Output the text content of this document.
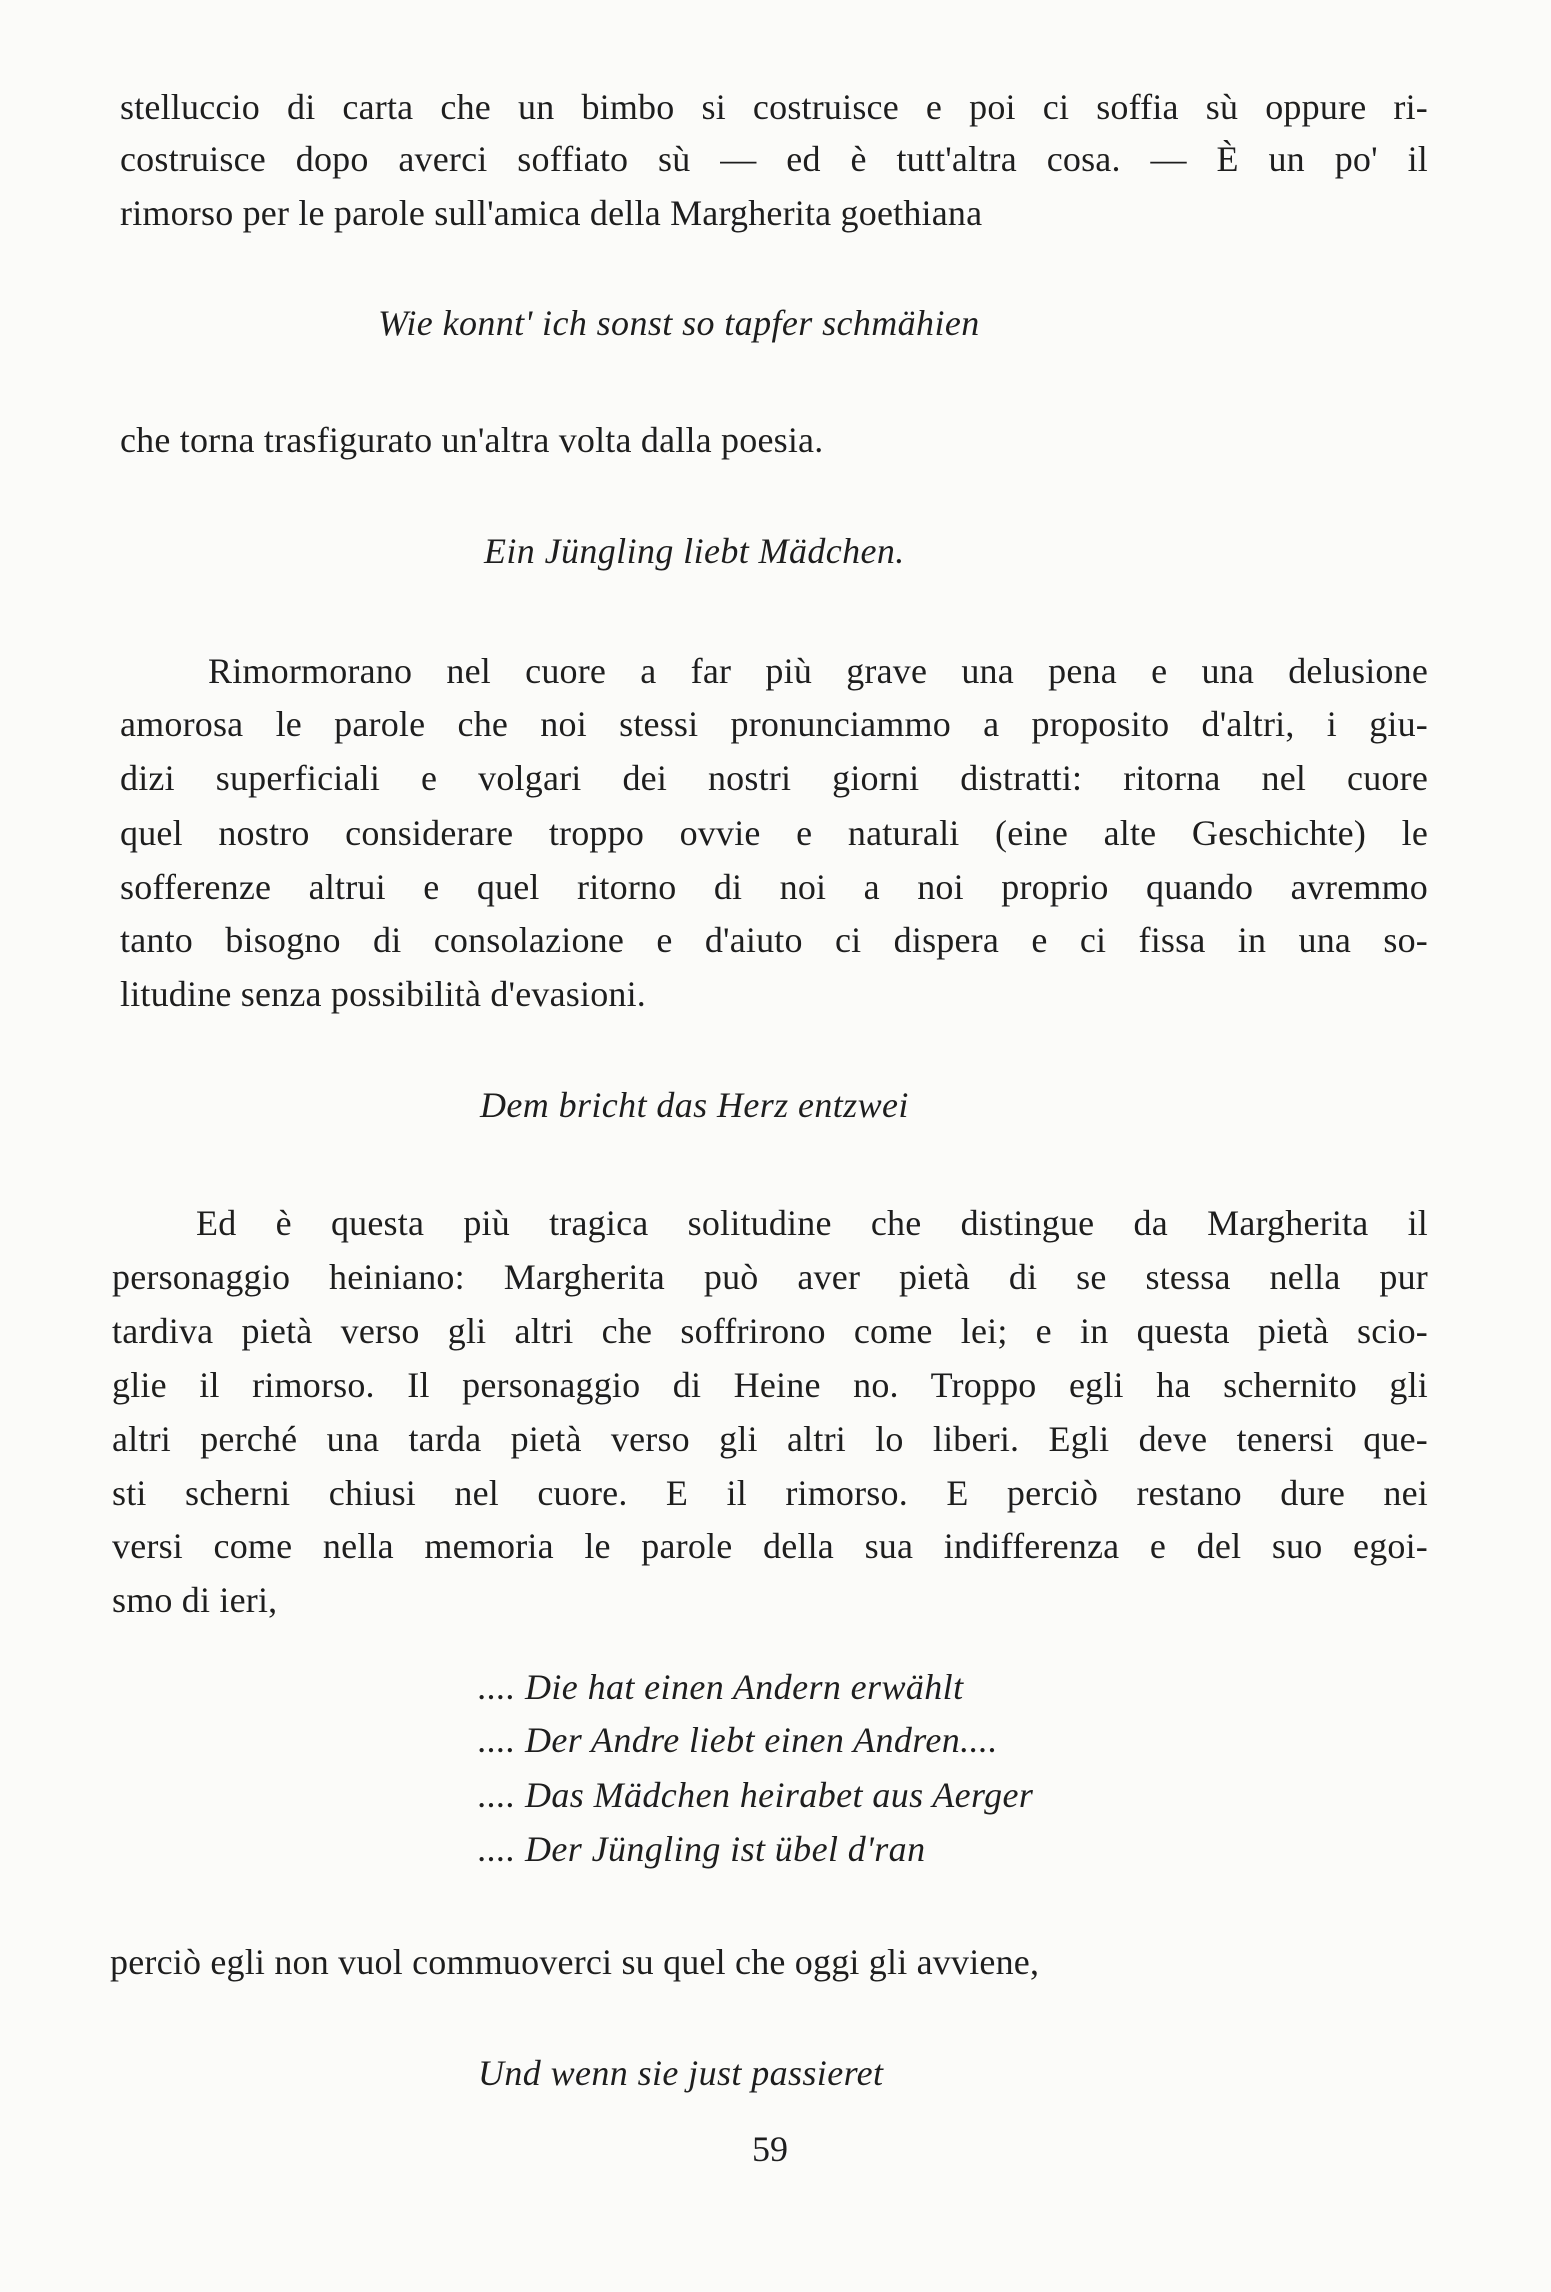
stelluccio di carta che un bimbo si costruisce e poi ci soffia sù oppure ri-

costruisce dopo averci soffiato sù — ed è tutt'altra cosa. — È un po' il

rimorso per le parole sull'amica della Margherita goethiana

Wie konnt' ich sonst so tapfer schmähien

che torna trasfigurato un'altra volta dalla poesia.

Ein Jüngling liebt Mädchen.

Rimormorano nel cuore a far più grave una pena e una delusione

amorosa le parole che noi stessi pronunciammo a proposito d'altri, i giu-

dizi superficiali e volgari dei nostri giorni distratti: ritorna nel cuore

quel nostro considerare troppo ovvie e naturali (eine alte Geschichte) le

sofferenze altrui e quel ritorno di noi a noi proprio quando avremmo

tanto bisogno di consolazione e d'aiuto ci dispera e ci fissa in una so-

litudine senza possibilità d'evasioni.

Dem bricht das Herz entzwei

Ed è questa più tragica solitudine che distingue da Margherita il

personaggio heiniano: Margherita può aver pietà di se stessa nella pur

tardiva pietà verso gli altri che soffrirono come lei; e in questa pietà scio-

glie il rimorso. Il personaggio di Heine no. Troppo egli ha schernito gli

altri perché una tarda pietà verso gli altri lo liberi. Egli deve tenersi que-

sti scherni chiusi nel cuore. E il rimorso. E perciò restano dure nei

versi come nella memoria le parole della sua indifferenza e del suo egoi-

smo di ieri,

.... Die hat einen Andern erwählt

.... Der Andre liebt einen Andren....

.... Das Mädchen heirabet aus Aerger

.... Der Jüngling ist übel d'ran

perciò egli non vuol commuoverci su quel che oggi gli avviene,

Und wenn sie just passieret

59
